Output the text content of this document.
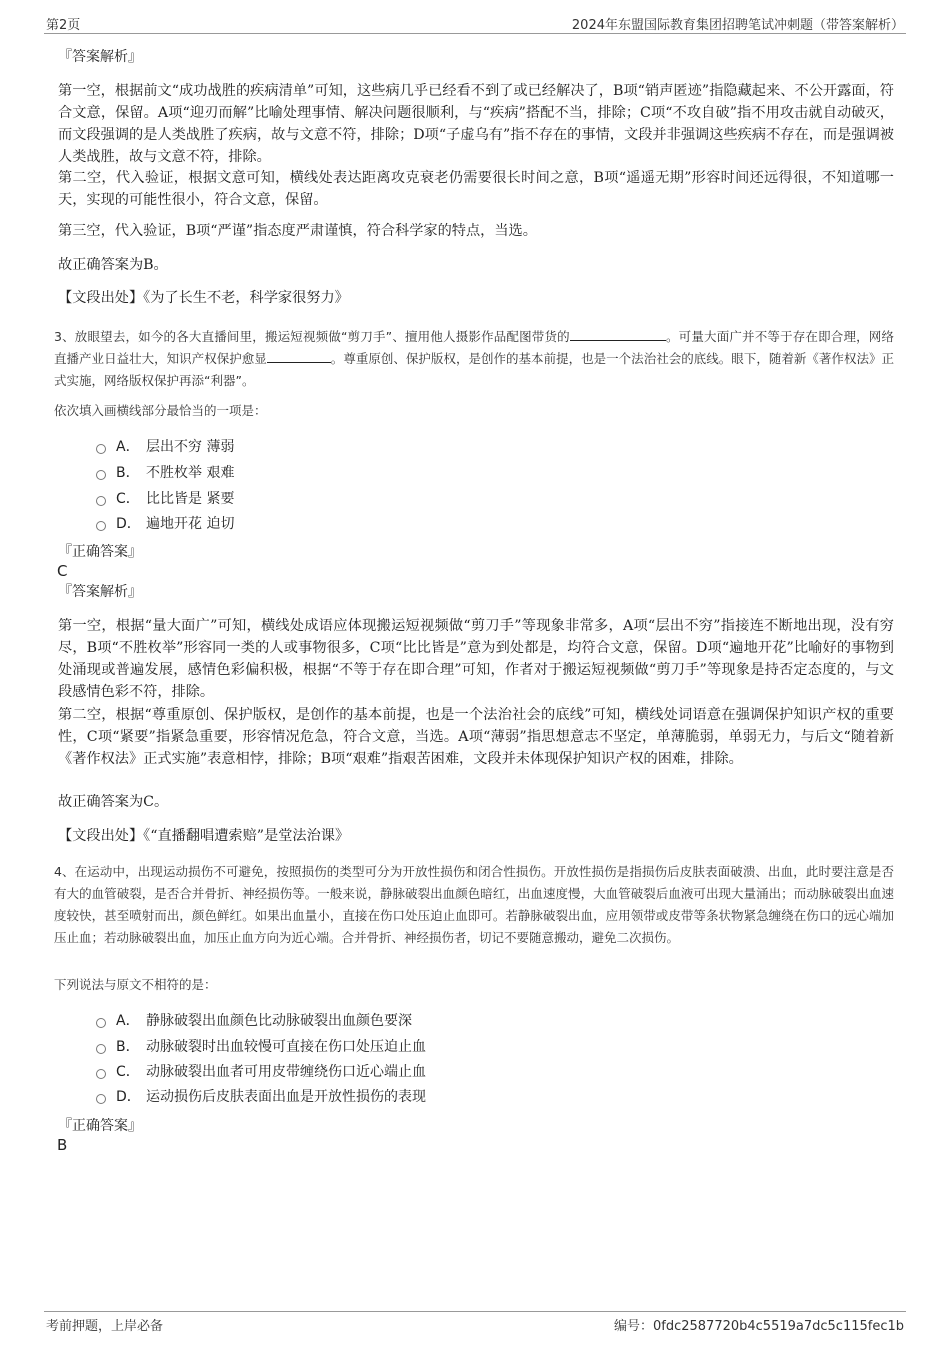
第2页	2024年东盟国际教育集团招聘笔试冲刺题（带答案解析）
『答案解析』

第一空，根据前文“成功战胜的疾病清单”可知，这些病几乎已经看不到了或已经解决了，B项“销声匿迹”指隐藏起来、不公开露面，符合文意，保留。A项“迎刃而解”比喻处理事情、解决问题很顺利，与“疾病”搭配不当，排除；C项“不攻自破”指不用攻击就自动破灭，而文段强调的是人类战胜了疾病，故与文意不符，排除；D项“子虚乌有”指不存在的事情，文段并非强调这些疾病不存在，而是强调被人类战胜，故与文意不符，排除。

第二空，代入验证，根据文意可知，横线处表达距离攻克衰老仍需要很长时间之意，B项“遥遥无期”形容时间还远得很，不知道哪一天，实现的可能性很小，符合文意，保留。

第三空，代入验证，B项“严谨”指态度严肃谨慎，符合科学家的特点，当选。

故正确答案为B。

【文段出处】《为了长生不老，科学家很努力》

3、放眼望去，如今的各大直播间里，搬运短视频做“剪刀手”、擅用他人摄影作品配图带货的	。可量大面广并不等于存在即合理，网络直播产业日益壮大，知识产权保护愈显	。尊重原创、保护版权，是创作的基本前提，也是一个法治社会的底线。眼下，随着新《著作权法》正式实施，网络版权保护再添“利器”。

依次填入画横线部分最恰当的一项是：
A． 层出不穷 薄弱
B． 不胜枚举 艰难
C． 比比皆是 紧要
D． 遍地开花 迫切
『正确答案』
C
『答案解析』

第一空，根据“量大面广”可知，横线处成语应体现搬运短视频做“剪刀手”等现象非常多，A项“层出不穷”指接连不断地出现，没有穷尽，B项“不胜枚举”形容同一类的人或事物很多，C项“比比皆是”意为到处都是，均符合文意，保留。D项“遍地开花”比喻好的事物到处涌现或普遍发展，感情色彩偏积极，根据“不等于存在即合理”可知，作者对于搬运短视频做“剪刀手”等现象是持否定态度的，与文段感情色彩不符，排除。

第二空，根据“尊重原创、保护版权，是创作的基本前提，也是一个法治社会的底线”可知，横线处词语意在强调保护知识产权的重要性，C项“紧要”指紧急重要，形容情况危急，符合文意，当选。A项“薄弱”指思想意志不坚定，单薄脆弱，单弱无力，与后文“随着新《著作权法》正式实施”表意相悖，排除；B项“艰难”指艰苦困难，文段并未体现保护知识产权的困难，排除。

故正确答案为C。

【文段出处】《“直播翻唱遭索赔”是堂法治课》

4、在运动中，出现运动损伤不可避免，按照损伤的类型可分为开放性损伤和闭合性损伤。开放性损伤是指损伤后皮肤表面破溃、出血，此时要注意是否有大的血管破裂，是否合并骨折、神经损伤等。一般来说，静脉破裂出血颜色暗红，出血速度慢，大血管破裂后血液可出现大量涌出；而动脉破裂出血速度较快，甚至喷射而出，颜色鲜红。如果出血量小，直接在伤口处压迫止血即可。若静脉破裂出血，应用领带或皮带等条状物紧急缠绕在伤口的远心端加压止血；若动脉破裂出血，加压止血方向为近心端。合并骨折、神经损伤者，切记不要随意搬动，避免二次损伤。

下列说法与原文不相符的是：
A． 静脉破裂出血颜色比动脉破裂出血颜色要深
B． 动脉破裂时出血较慢可直接在伤口处压迫止血
C． 动脉破裂出血者可用皮带缠绕伤口近心端止血
D． 运动损伤后皮肤表面出血是开放性损伤的表现
『正确答案』
B
考前押题，上岸必备	编号：0fdc2587720b4c5519a7dc5c115fec1b
